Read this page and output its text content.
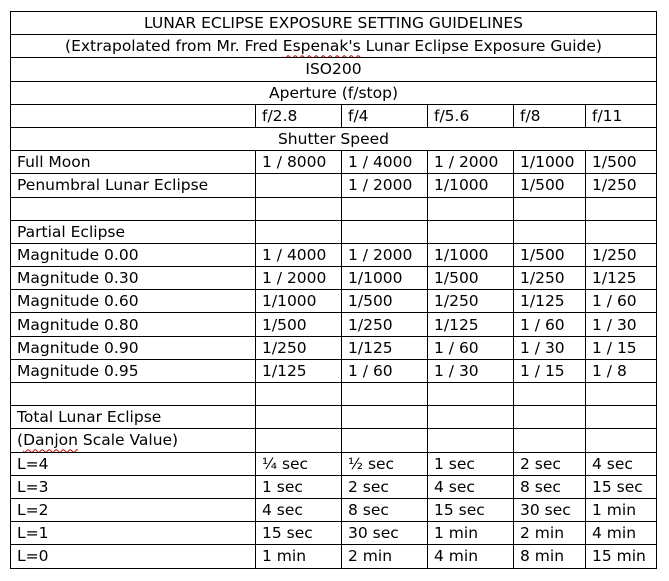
LUNAR ECLIPSE EXPOSURE SETTING GUIDELINES					
(Extrapolated from Mr. Fred Espenak's Lunar Eclipse Exposure Guide)					
ISO200					
Aperture (f/stop)					
	f/2.8	f/4	f/5.6	f/8	f/11
Shutter Speed					
Full Moon	1 / 8000	1 / 4000	1 / 2000	1/1000	1/500
Penumbral Lunar Eclipse		1 / 2000	1/1000	1/500	1/250

Partial Eclipse					
Magnitude 0.00	1 / 4000	1 / 2000	1/1000	1/500	1/250
Magnitude 0.30	1 / 2000	1/1000	1/500	1/250	1/125
Magnitude 0.60	1/1000	1/500	1/250	1/125	1 / 60
Magnitude 0.80	1/500	1/250	1/125	1 / 60	1 / 30
Magnitude 0.90	1/250	1/125	1 / 60	1 / 30	1 / 15
Magnitude 0.95	1/125	1 / 60	1 / 30	1 / 15	1 / 8

Total Lunar Eclipse					
(Danjon Scale Value)					
L=4	¼ sec	½ sec	1 sec	2 sec	4 sec
L=3	1 sec	2 sec	4 sec	8 sec	15 sec
L=2	4 sec	8 sec	15 sec	30 sec	1 min
L=1	15 sec	30 sec	1 min	2 min	4 min
L=0	1 min	2 min	4 min	8 min	15 min
